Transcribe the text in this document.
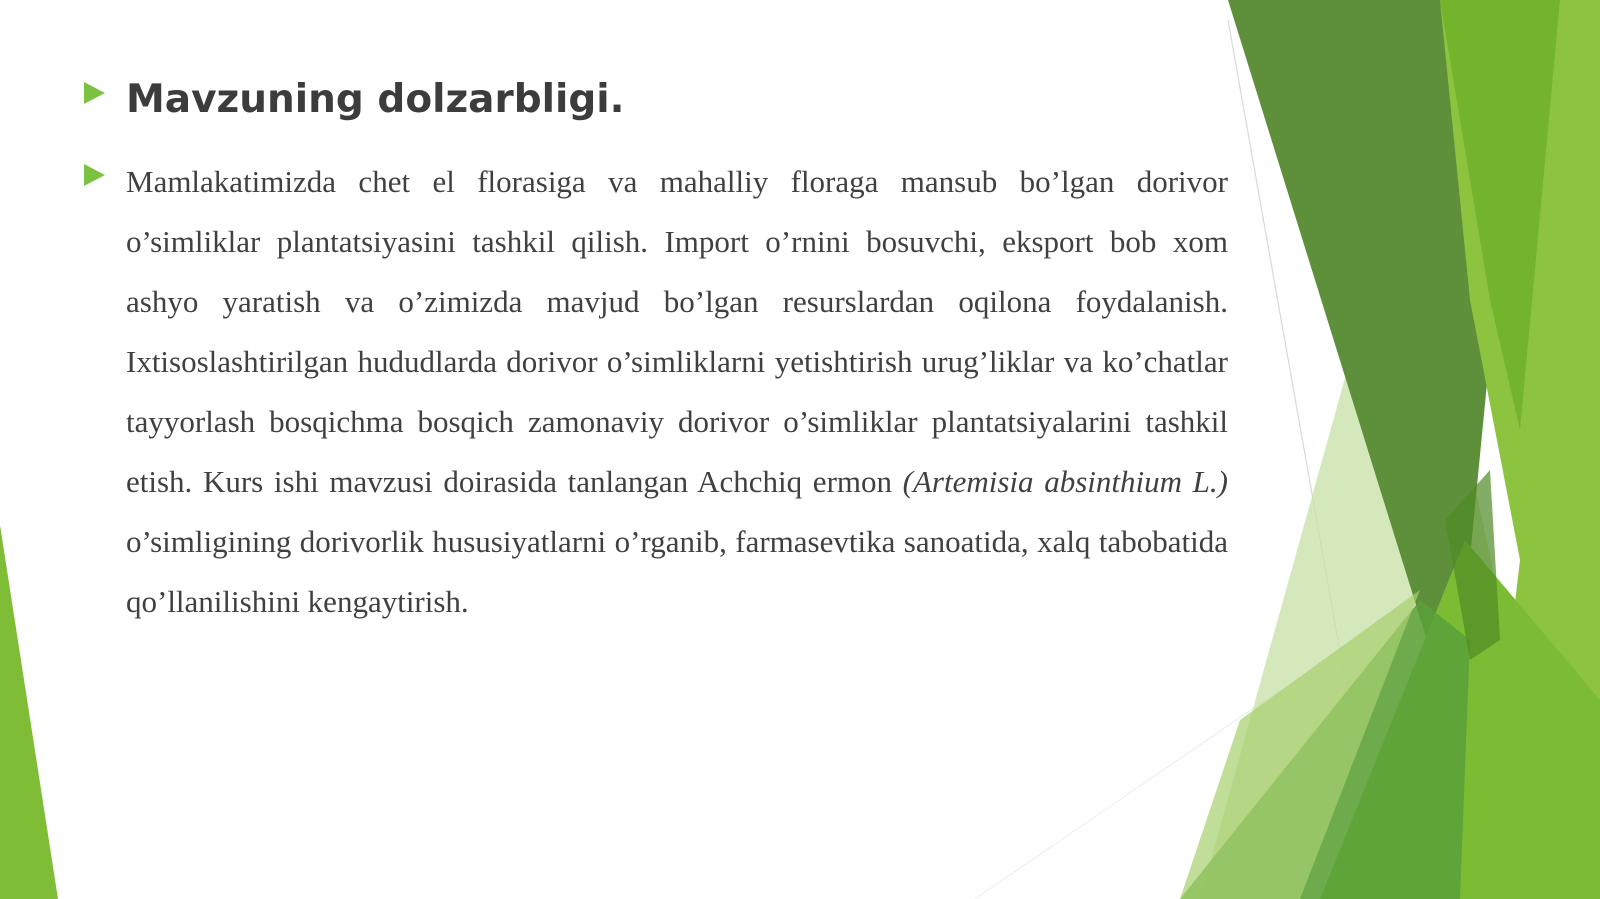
Mavzuning dolzarbligi.
Mamlakatimizda chet el florasiga va mahalliy floraga mansub bo’lgan dorivor o’simliklar plantatsiyasini tashkil qilish. Import o’rnini bosuvchi, eksport bob xom ashyo yaratish va o’zimizda mavjud bo’lgan resurslardan oqilona foydalanish. Ixtisoslashtirilgan hududlarda dorivor o’simliklarni yetishtirish urug’liklar va ko’chatlar tayyorlash bosqichma bosqich zamonaviy dorivor o’simliklar plantatsiyalarini tashkil etish. Kurs ishi mavzusi doirasida tanlangan Achchiq ermon (Artemisia absinthium L.) o’simligining dorivorlik hususiyatlarni o’rganib, farmasevtika sanoatida, xalq tabobatida qo’llanilishini kengaytirish.
